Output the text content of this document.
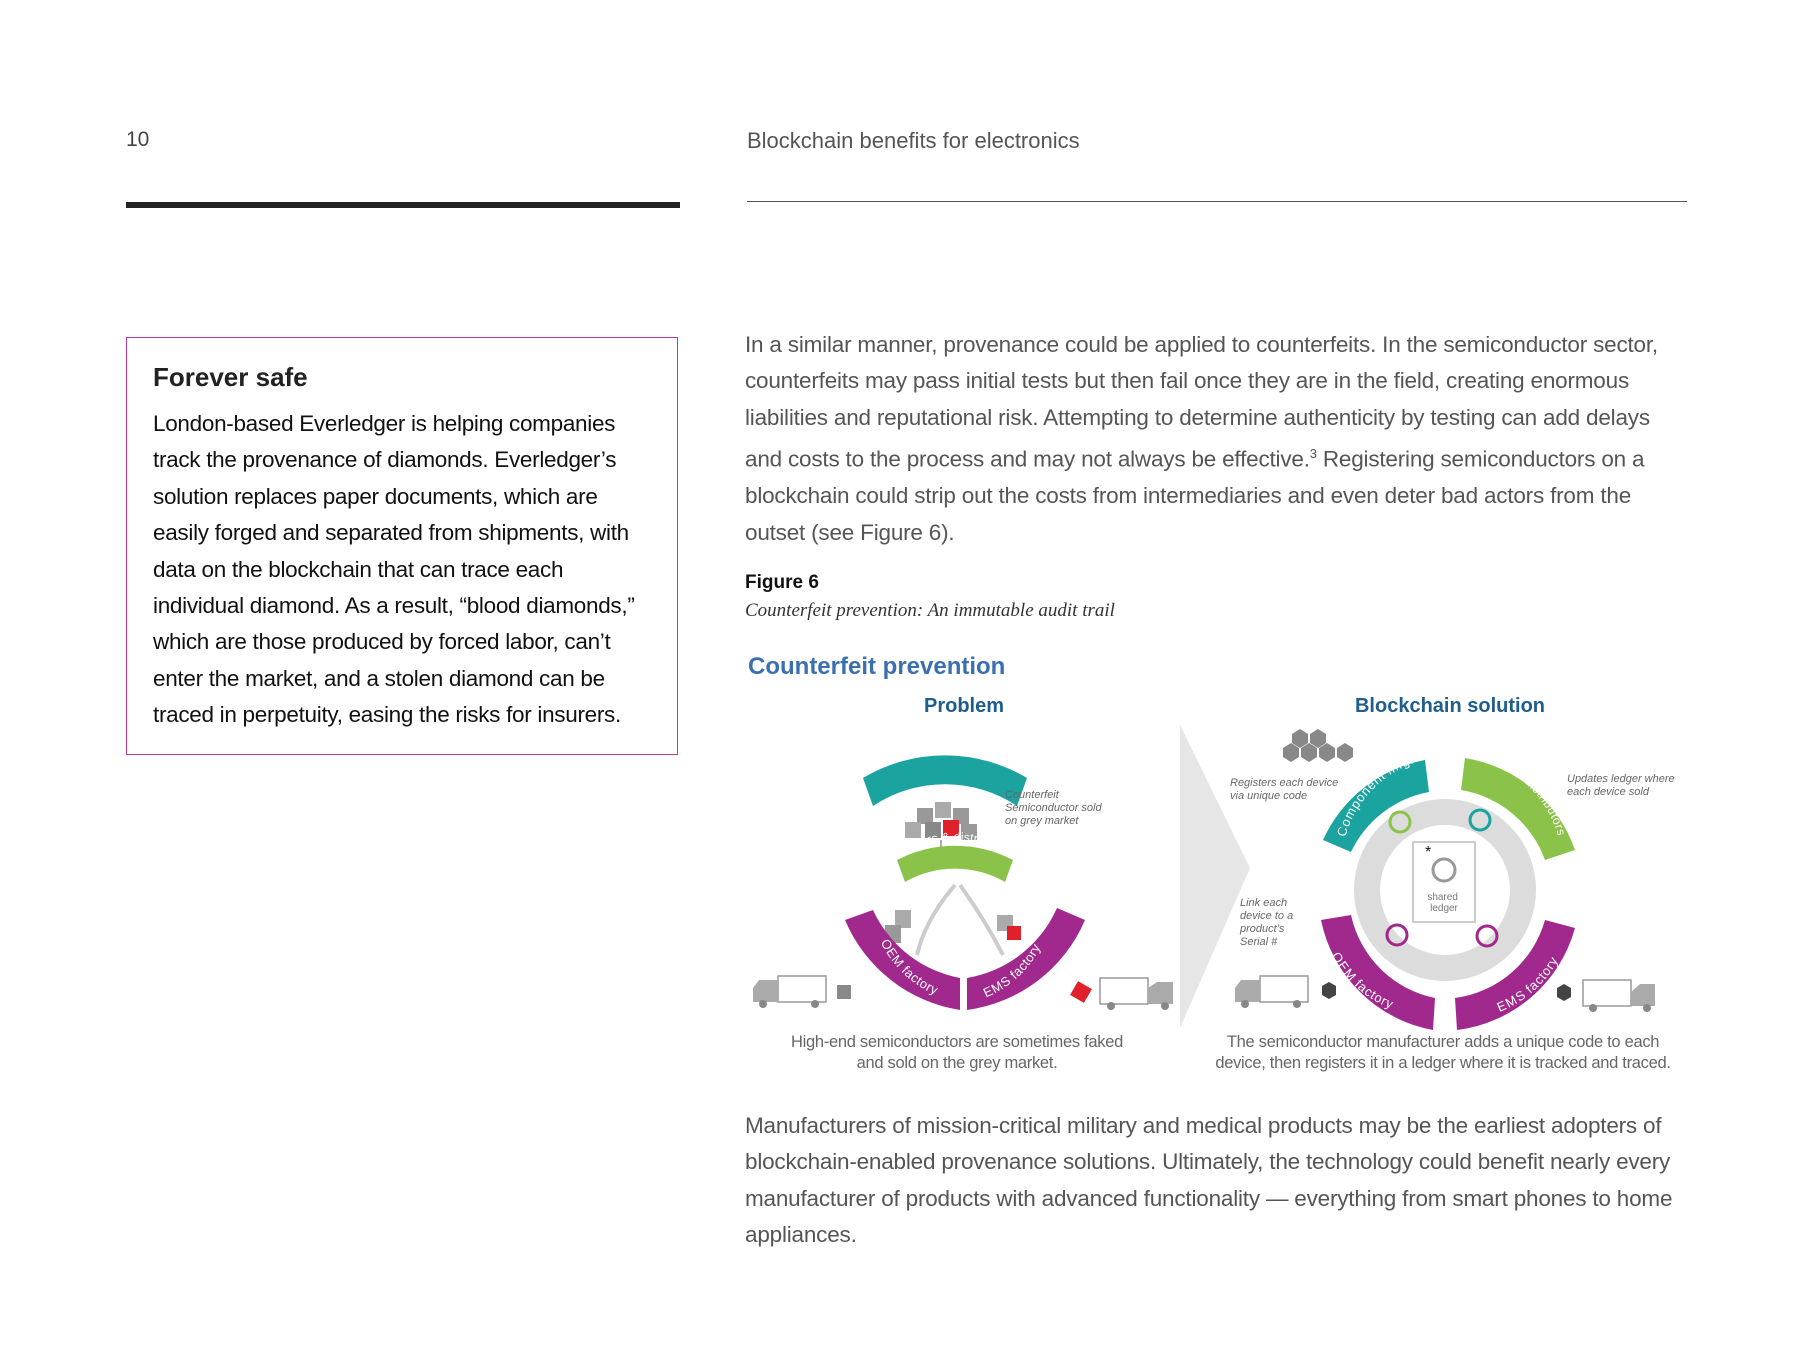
10	Blockchain benefits for electronics
Forever safe
London-based Everledger is helping companies track the provenance of diamonds. Everledger’s solution replaces paper documents, which are easily forged and separated from shipments, with data on the blockchain that can trace each individual diamond. As a result, “blood diamonds,” which are those produced by forced labor, can’t enter the market, and a stolen diamond can be traced in perpetuity, easing the risks for insurers.
In a similar manner, provenance could be applied to counterfeits. In the semiconductor sector, counterfeits may pass initial tests but then fail once they are in the field, creating enormous liabilities and reputational risk. Attempting to determine authenticity by testing can add delays and costs to the process and may not always be effective.$^3$ Registering semiconductors on a blockchain could strip out the costs from intermediaries and even deter bad actors from the outset (see Figure 6).
Figure 6
Counterfeit prevention: An immutable audit trail
Counterfeit prevention
Problem	Blockchain solution
Component manufacturer
Counterfeit Semiconductor sold on grey market
Brokers & distributors
OEM factory	EMS factory
*
shared ledger
Component mfg.	Brokers & distributors
OEM factory	EMS factory
Registers each device via unique code
Updates ledger where each device sold
Link each device to a product’s Serial #
High-end semiconductors are sometimes faked
and sold on the grey market.
The semiconductor manufacturer adds a unique code to each
device, then registers it in a ledger where it is tracked and traced.
Manufacturers of mission-critical military and medical products may be the earliest adopters of blockchain-enabled provenance solutions. Ultimately, the technology could benefit nearly every manufacturer of products with advanced functionality — everything from smart phones to home appliances.
